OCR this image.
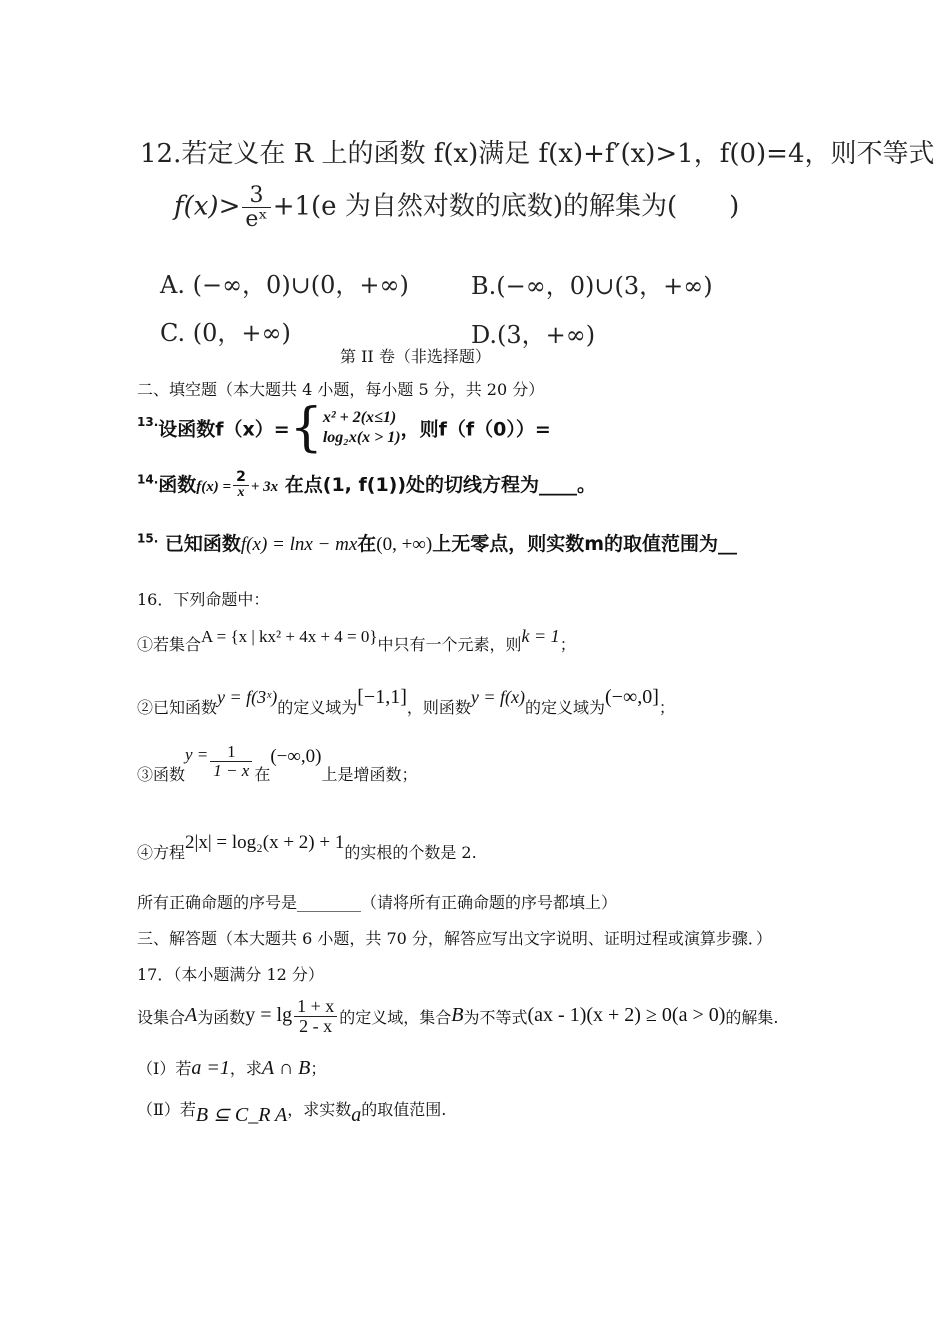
12.若定义在 R 上的函数 f(x)满足 f(x)+f′(x)>1，f(0)=4，则不等式
$f(x)> \frac{3}{\text{eˣ}} +1(e$ 为自然对数的底数)的解集为(　　)
A. (−∞，0)∪(0，+∞)	B.(−∞，0)∪(3，+∞)
C. (0，+∞)	D.(3，+∞)
第 II 卷（非选择题）
二、填空题（本大题共 4 小题，每小题 5 分，共 20 分）
$^{13.}$设函数f（x）={ x² + 2(x≤1)
log₂x(x > 1) ，则f（f（0））=
$^{14.}$函数$f(x) = \frac{2}{x} + 3x$ 在点(1, f(1))处的切线方程为____。
$^{15.}$ 已知函数f(x) = lnx − mx在(0, +∞)上无零点，则实数m的取值范围为__
16．下列命题中：
①若集合A = {x | kx² + 4x + 4 = 0}中只有一个元素，则k = 1；
②已知函数y = f(3ˣ)的定义域为[−1,1]，则函数y = f(x)的定义域为(−∞,0]；
③函数$y = \frac{1}{1 - x}$ 在(−∞,0)上是增函数；
④方程2|x| = log₂(x + 2) + 1的实根的个数是 2.
所有正确命题的序号是________（请将所有正确命题的序号都填上）
三、解答题（本大题共 6 小题，共 70 分，解答应写出文字说明、证明过程或演算步骤．）
17．（本小题满分 12 分）
设集合A为函数$y = \lg \frac{1 + x}{2 - x}$ 的定义域，集合B为不等式(ax - 1)(x + 2) ≥ 0(a > 0)的解集.
（Ⅰ）若a =1，求A ∩ B；
（Ⅱ）若B ⊆ C_R A，求实数a的取值范围.
